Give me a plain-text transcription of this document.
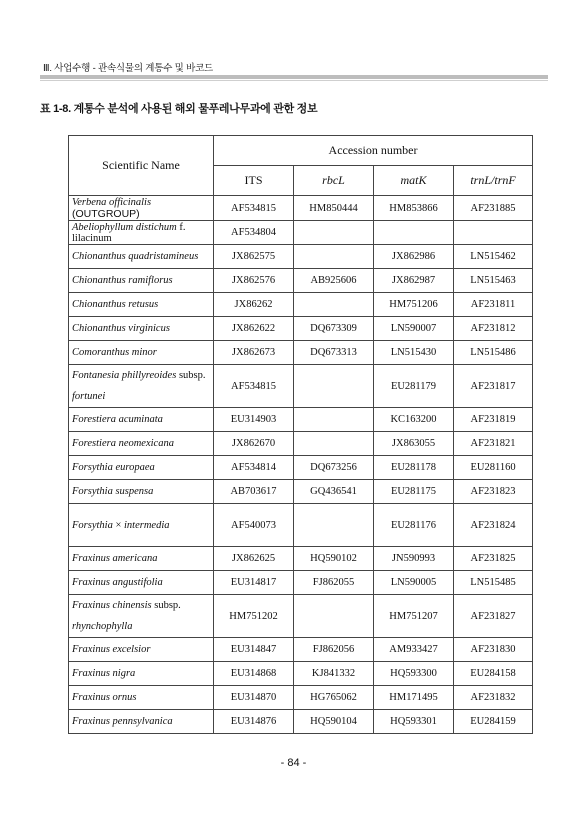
Ⅲ. 사업수행 - 관속식물의 계통수 및 바코드
표 1-8. 계통수 분석에 사용된 해외 물푸레나무과에 관한 정보
Scientific Name	Accession number			
	ITS	rbcL	matK	trnL/trnF
Verbena officinalis (OUTGROUP)	AF534815	HM850444	HM853866	AF231885
Abeliophyllum distichum f. lilacinum	AF534804			
Chionanthus quadristamineus	JX862575		JX862986	LN515462
Chionanthus ramiflorus	JX862576	AB925606	JX862987	LN515463
Chionanthus retusus	JX86262		HM751206	AF231811
Chionanthus virginicus	JX862622	DQ673309	LN590007	AF231812
Comoranthus minor	JX862673	DQ673313	LN515430	LN515486
Fontanesia phillyreoides subsp.
fortunei	AF534815		EU281179	AF231817
Forestiera acuminata	EU314903		KC163200	AF231819
Forestiera neomexicana	JX862670		JX863055	AF231821
Forsythia europaea	AF534814	DQ673256	EU281178	EU281160
Forsythia suspensa	AB703617	GQ436541	EU281175	AF231823
Forsythia × intermedia	AF540073		EU281176	AF231824
Fraxinus americana	JX862625	HQ590102	JN590993	AF231825
Fraxinus angustifolia	EU314817	FJ862055	LN590005	LN515485
Fraxinus chinensis subsp.
rhynchophylla	HM751202		HM751207	AF231827
Fraxinus excelsior	EU314847	FJ862056	AM933427	AF231830
Fraxinus nigra	EU314868	KJ841332	HQ593300	EU284158
Fraxinus ornus	EU314870	HG765062	HM171495	AF231832
Fraxinus pennsylvanica	EU314876	HQ590104	HQ593301	EU284159
- 84 -
